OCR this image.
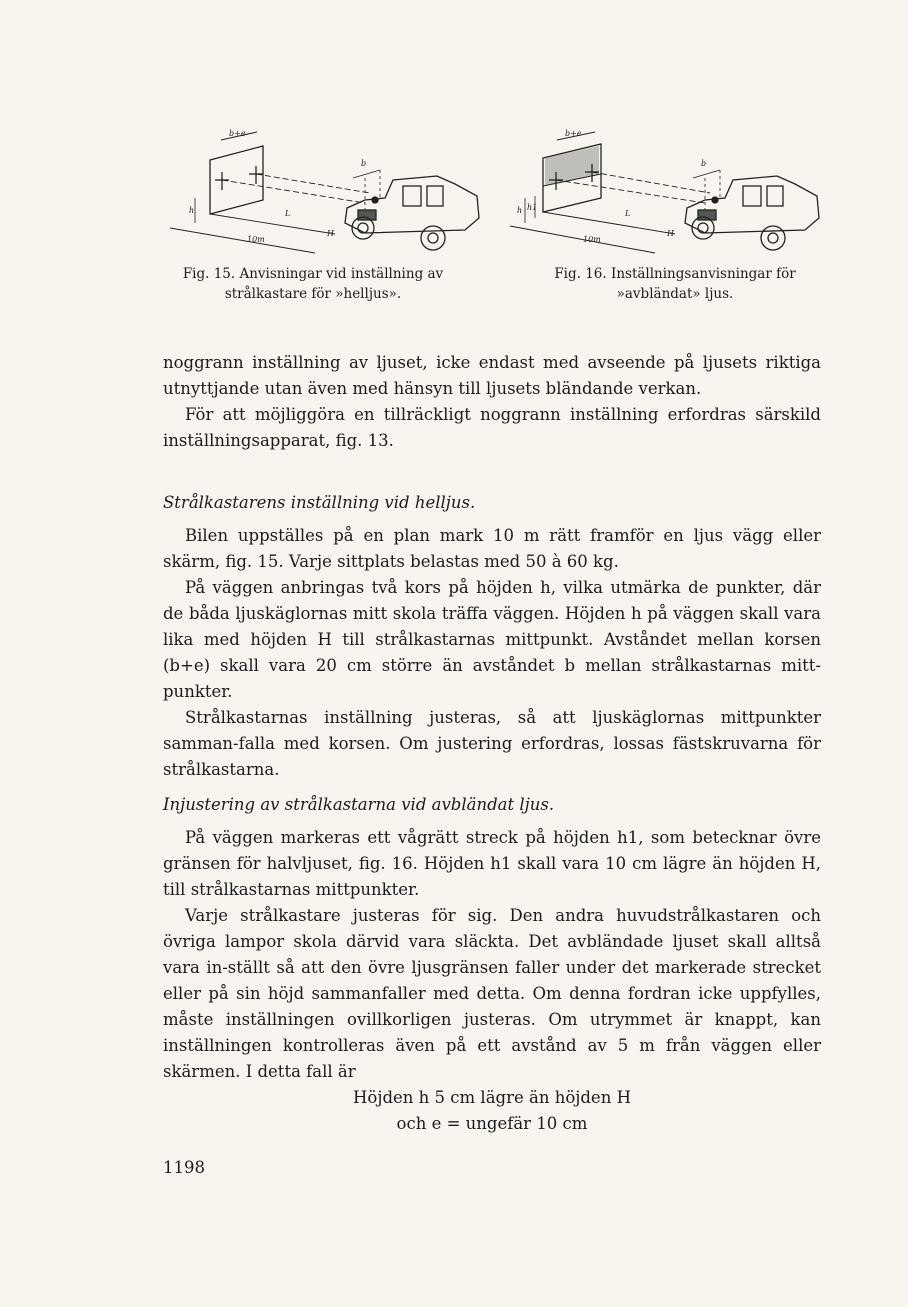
b+e
b
h	L
H
10m
b+e
b
h h1
L
H
10m
Fig. 15. Anvisningar vid inställning av
strålkastare för »helljus».
Fig. 16. Inställningsanvisningar för
»avbländat» ljus.

noggrann inställning av ljuset, icke endast med avseende på ljusets riktiga utnyttjande utan även med hänsyn till ljusets bländande verkan.

För att möjliggöra en tillräckligt noggrann inställning erfordras särskild inställningsapparat, fig. 13.

Strålkastarens inställning vid helljus.

Bilen uppställes på en plan mark 10 m rätt framför en ljus vägg eller skärm, fig. 15. Varje sittplats belastas med 50 à 60 kg.

På väggen anbringas två kors på höjden h, vilka utmärka de punkter, där de båda ljuskäglornas mitt skola träffa väggen. Höjden h på väggen skall vara lika med höjden H till strålkastarnas mittpunkt. Avståndet mellan korsen (b+e) skall vara 20 cm större än avståndet b mellan strålkastarnas mitt-punkter.

Strålkastarnas inställning justeras, så att ljuskäglornas mittpunkter samman-falla med korsen. Om justering erfordras, lossas fästskruvarna för strålkastarna.

Injustering av strålkastarna vid avbländat ljus.

På väggen markeras ett vågrätt streck på höjden h1, som betecknar övre gränsen för halvljuset, fig. 16. Höjden h1 skall vara 10 cm lägre än höjden H, till strålkastarnas mittpunkter.

Varje strålkastare justeras för sig. Den andra huvudstrålkastaren och övriga lampor skola därvid vara släckta. Det avbländade ljuset skall alltså vara in-ställt så att den övre ljusgränsen faller under det markerade strecket eller på sin höjd sammanfaller med detta. Om denna fordran icke uppfylles, måste inställningen ovillkorligen justeras. Om utrymmet är knappt, kan inställningen kontrolleras även på ett avstånd av 5 m från väggen eller skärmen. I detta fall är

Höjden h 5 cm lägre än höjden H

och e = ungefär 10 cm

1198
